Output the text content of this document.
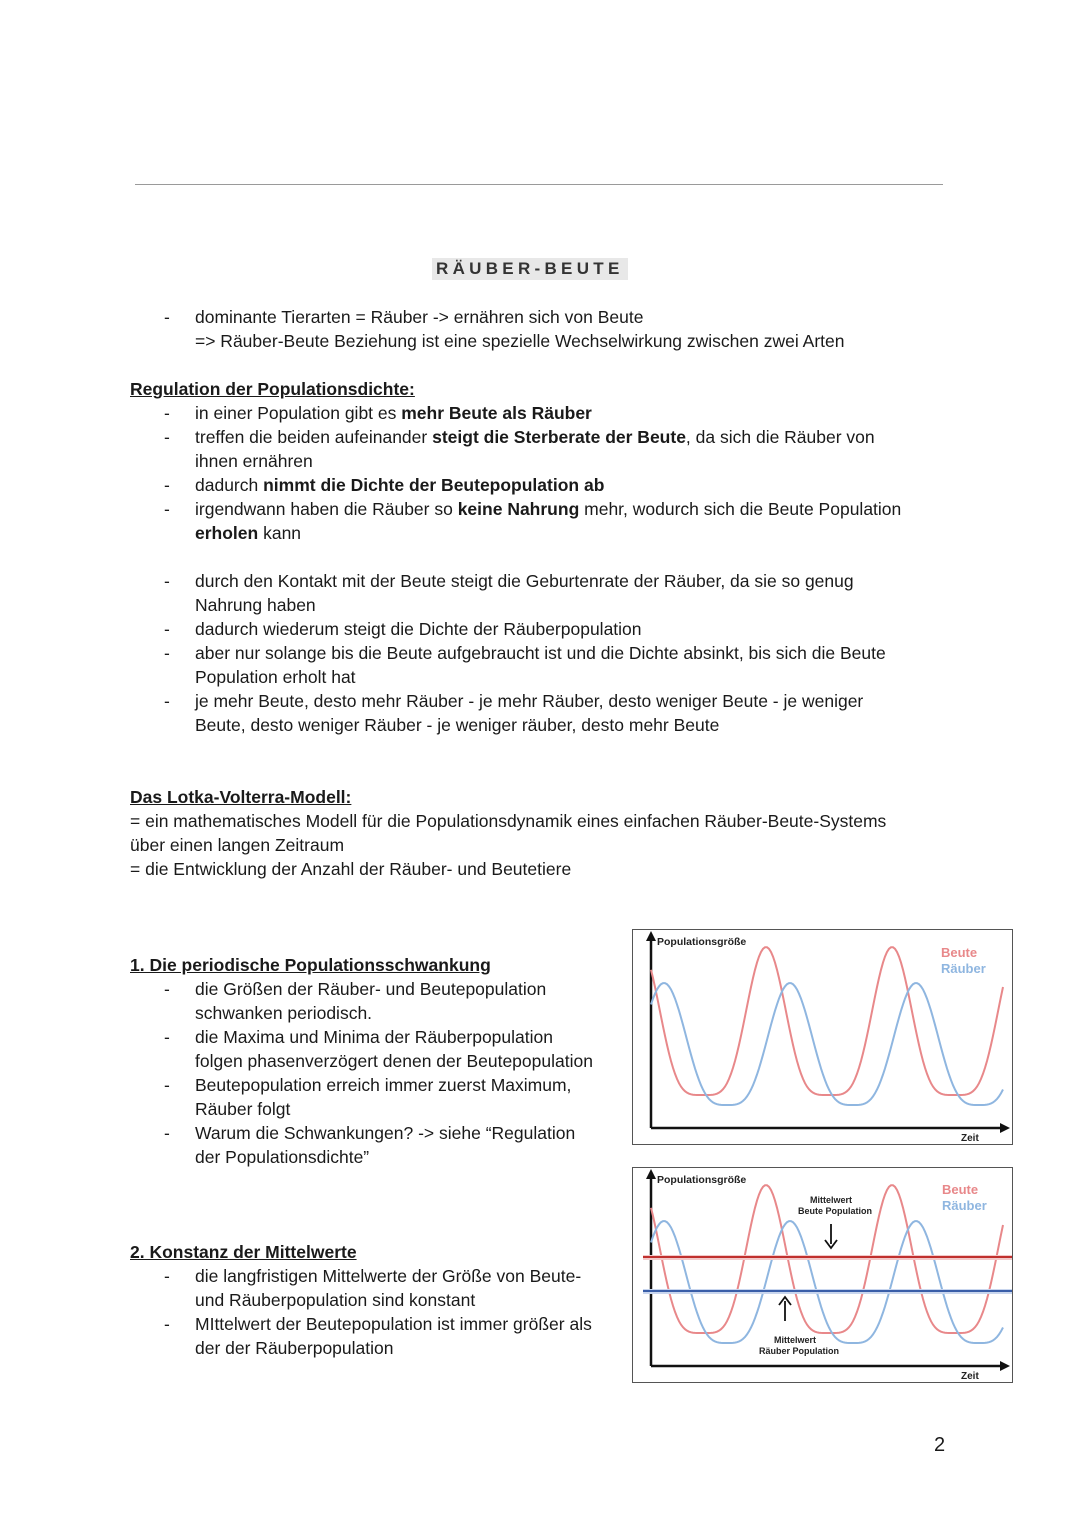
RÄUBER-BEUTE
- dominante Tierarten = Räuber -> ernähren sich von Beute
=> Räuber-Beute Beziehung ist eine spezielle Wechselwirkung zwischen zwei Arten
Regulation der Populationsdichte:
- in einer Population gibt es mehr Beute als Räuber
- treffen die beiden aufeinander steigt die Sterberate der Beute, da sich die Räuber von
ihnen ernähren
- dadurch nimmt die Dichte der Beutepopulation ab
- irgendwann haben die Räuber so keine Nahrung mehr, wodurch sich die Beute Population
erholen kann
- durch den Kontakt mit der Beute steigt die Geburtenrate der Räuber, da sie so genug
Nahrung haben
- dadurch wiederum steigt die Dichte der Räuberpopulation
- aber nur solange bis die Beute aufgebraucht ist und die Dichte absinkt, bis sich die Beute
Population erholt hat
- je mehr Beute, desto mehr Räuber - je mehr Räuber, desto weniger Beute - je weniger
Beute, desto weniger Räuber - je weniger räuber, desto mehr Beute
Das Lotka-Volterra-Modell:
= ein mathematisches Modell für die Populationsdynamik eines einfachen Räuber-Beute-Systems
über einen langen Zeitraum
= die Entwicklung der Anzahl der Räuber- und Beutetiere
1. Die periodische Populationsschwankung
- die Größen der Räuber- und Beutepopulation
schwanken periodisch.
- die Maxima und Minima der Räuberpopulation
folgen phasenverzögert denen der Beutepopulation
- Beutepopulation erreich immer zuerst Maximum,
Räuber folgt
- Warum die Schwankungen? -> siehe “Regulation
der Populationsdichte”
2. Konstanz der Mittelwerte
- die langfristigen Mittelwerte der Größe von Beute-
und Räuberpopulation sind konstant
- MIttelwert der Beutepopulation ist immer größer als
der der Räuberpopulation
Populationsgröße
Zeit
Beute
Räuber
Populationsgröße
Zeit
Beute
Räuber
Mittelwert
Beute Population
Mittelwert
Räuber Population
2
